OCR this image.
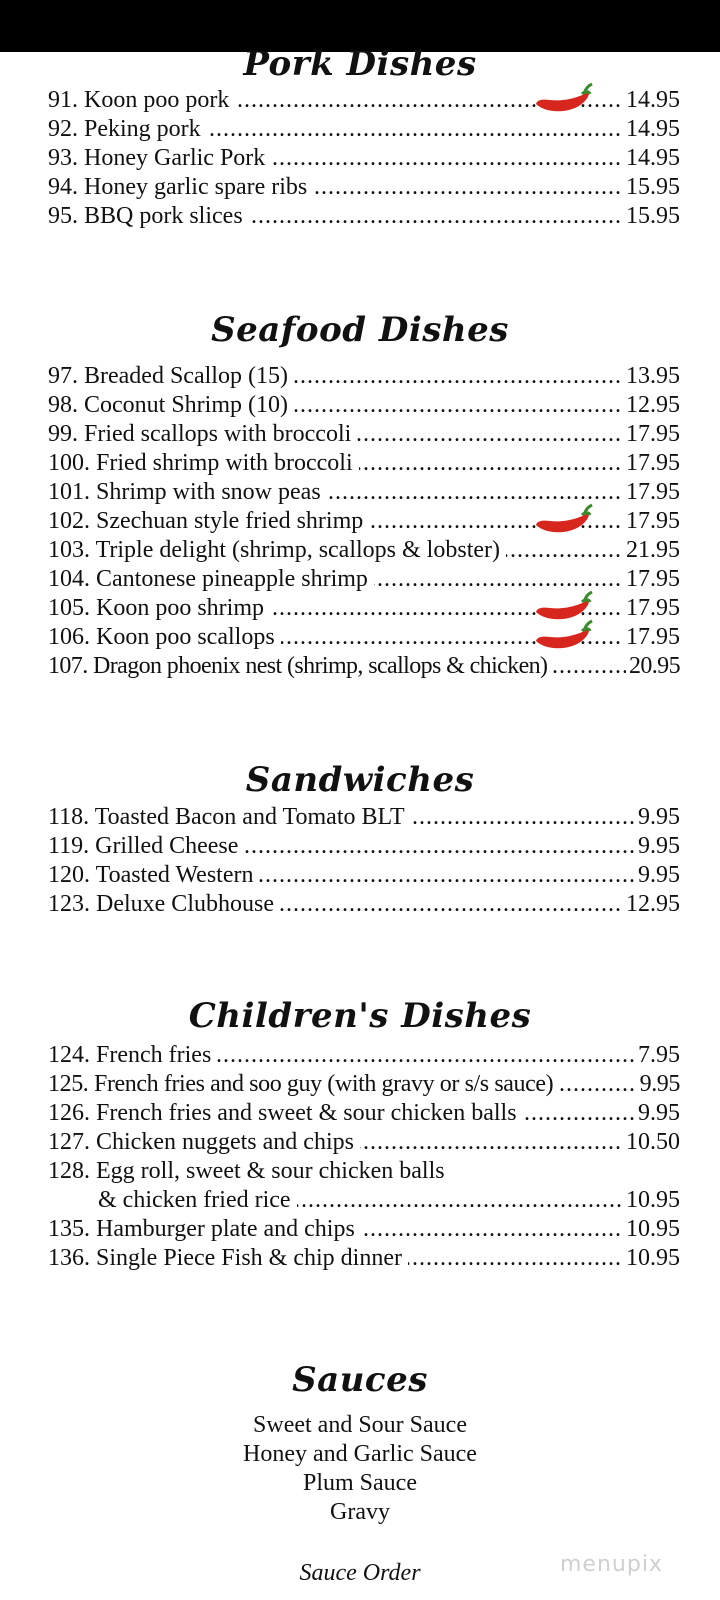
Pork Dishes
.....
91. Koon poo pork	14.95
.....
92. Peking pork	14.95
.....
93. Honey Garlic Pork	14.95
.....
94. Honey garlic spare ribs	15.95
.....
95. BBQ pork slices	15.95
Seafood Dishes
.....
97. Breaded Scallop (15)	13.95
.....
98. Coconut Shrimp (10)	12.95
.....
99. Fried scallops with broccoli	17.95
.....
100. Fried shrimp with broccoli	17.95
.....
101. Shrimp with snow peas	17.95
.....
102. Szechuan style fried shrimp	17.95
.....
103. Triple delight (shrimp, scallops & lobster)	21.95
.....
104. Cantonese pineapple shrimp	17.95
.....
105. Koon poo shrimp	17.95
.....
106. Koon poo scallops	17.95
.....
107. Dragon phoenix nest (shrimp, scallops & chicken)	20.95
Sandwiches
.....
118. Toasted Bacon and Tomato BLT	9.95
.....
119. Grilled Cheese	9.95
.....
120. Toasted Western	9.95
.....
123. Deluxe Clubhouse	12.95
Children's Dishes
.....
124. French fries	7.95
.....
125. French fries and soo guy (with gravy or s/s sauce)	9.95
.....
126. French fries and sweet & sour chicken balls	9.95
.....
127. Chicken nuggets and chips	10.50
128. Egg roll, sweet & sour chicken balls
.....
& chicken fried rice	10.95
.....
135. Hamburger plate and chips	10.95
.....
136. Single Piece Fish & chip dinner	10.95
Sauces
Sweet and Sour Sauce
Honey and Garlic Sauce
Plum Sauce
Gravy
Sauce Order	menupix
